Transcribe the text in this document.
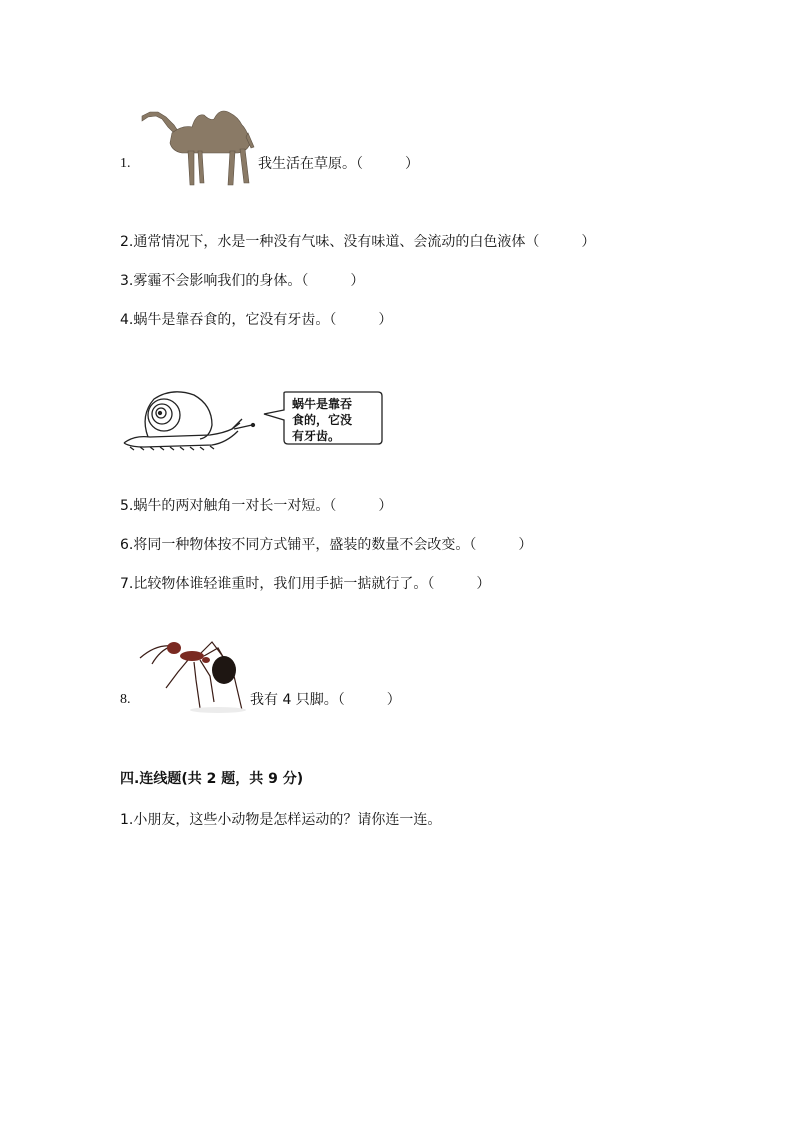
1.	我生活在草原。（　　　）
2.通常情况下，水是一种没有气味、没有味道、会流动的白色液体（　　　）
3.雾霾不会影响我们的身体。（　　　）
4.蜗牛是靠吞食的，它没有牙齿。（　　　）
蜗牛是靠吞
食的，它没
有牙齿。
5.蜗牛的两对触角一对长一对短。（　　　）
6.将同一种物体按不同方式铺平，盛装的数量不会改变。（　　　）
7.比较物体谁轻谁重时，我们用手掂一掂就行了。（　　　）
8.	我有 4 只脚。（　　　）
四.连线题(共 2 题，共 9 分)
1.小朋友，这些小动物是怎样运动的？请你连一连。
